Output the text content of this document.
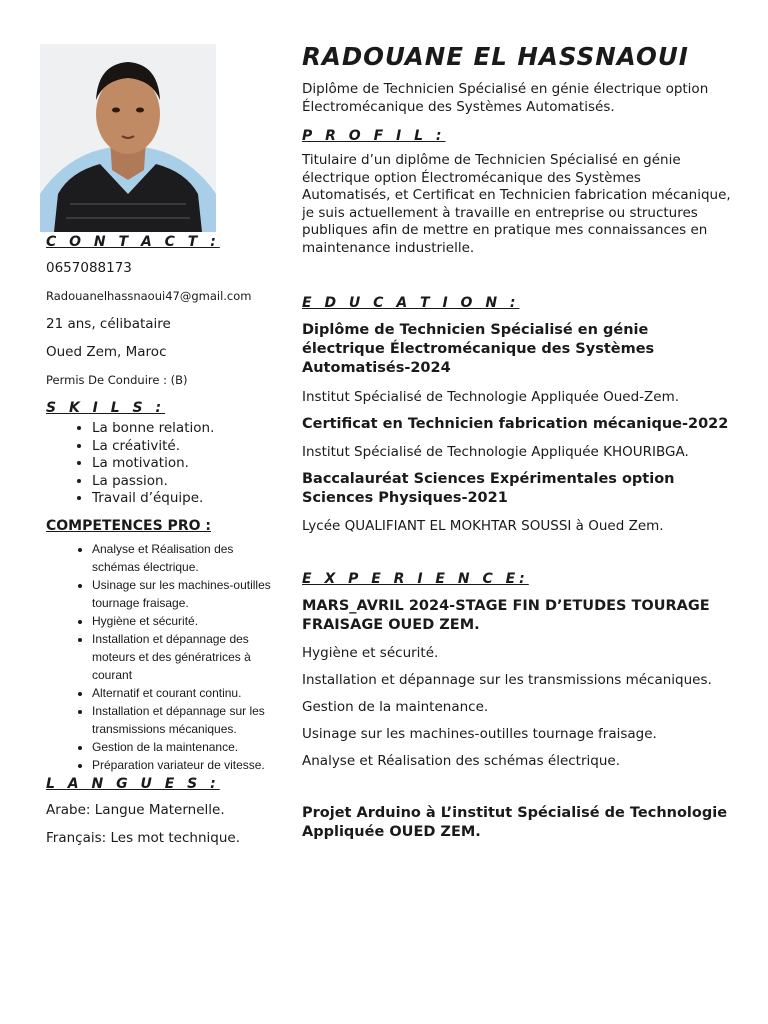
C O N T A C T :

0657088173

Radouanelhassnaoui47@gmail.com

21 ans, célibataire

Oued Zem, Maroc

Permis De Conduire : (B)

S K I L S :

• La bonne relation.
• La créativité.
• La motivation.
• La passion.
• Travail d’équipe.

COMPETENCES PRO :

• Analyse et Réalisation des schémas électrique.
• Usinage sur les machines-outilles tournage fraisage.
• Hygiène et sécurité.
• Installation et dépannage des moteurs et des génératrices à courant
• Alternatif et courant continu.
• Installation et dépannage sur les transmissions mécaniques.
• Gestion de la maintenance.
• Préparation variateur de vitesse.

L A N G U E S :

Arabe: Langue Maternelle.

Français: Les mot technique.

RADOUANE EL HASSNAOUI

Diplôme de Technicien Spécialisé en génie électrique option Électromécanique des Systèmes Automatisés.

P R O F I L :

Titulaire d’un diplôme de Technicien Spécialisé en génie électrique option Électromécanique des Systèmes Automatisés, et Certificat en Technicien fabrication mécanique, je suis actuellement à travaille en entreprise ou structures publiques afin de mettre en pratique mes connaissances en maintenance industrielle.

E D U C A T I O N :

Diplôme de Technicien Spécialisé en génie électrique Électromécanique des Systèmes Automatisés-2024

Institut Spécialisé de Technologie Appliquée Oued-Zem.

Certificat en Technicien fabrication mécanique-2022

Institut Spécialisé de Technologie Appliquée KHOURIBGA.

Baccalauréat Sciences Expérimentales option Sciences Physiques-2021

Lycée QUALIFIANT EL MOKHTAR SOUSSI à Oued Zem.

E X P E R I E N C E:

MARS_AVRIL 2024-STAGE FIN D’ETUDES TOURAGE FRAISAGE OUED ZEM.

Hygiène et sécurité.

Installation et dépannage sur les transmissions mécaniques.

Gestion de la maintenance.

Usinage sur les machines-outilles tournage fraisage.

Analyse et Réalisation des schémas électrique.

Projet Arduino à L’institut Spécialisé de Technologie Appliquée OUED ZEM.
